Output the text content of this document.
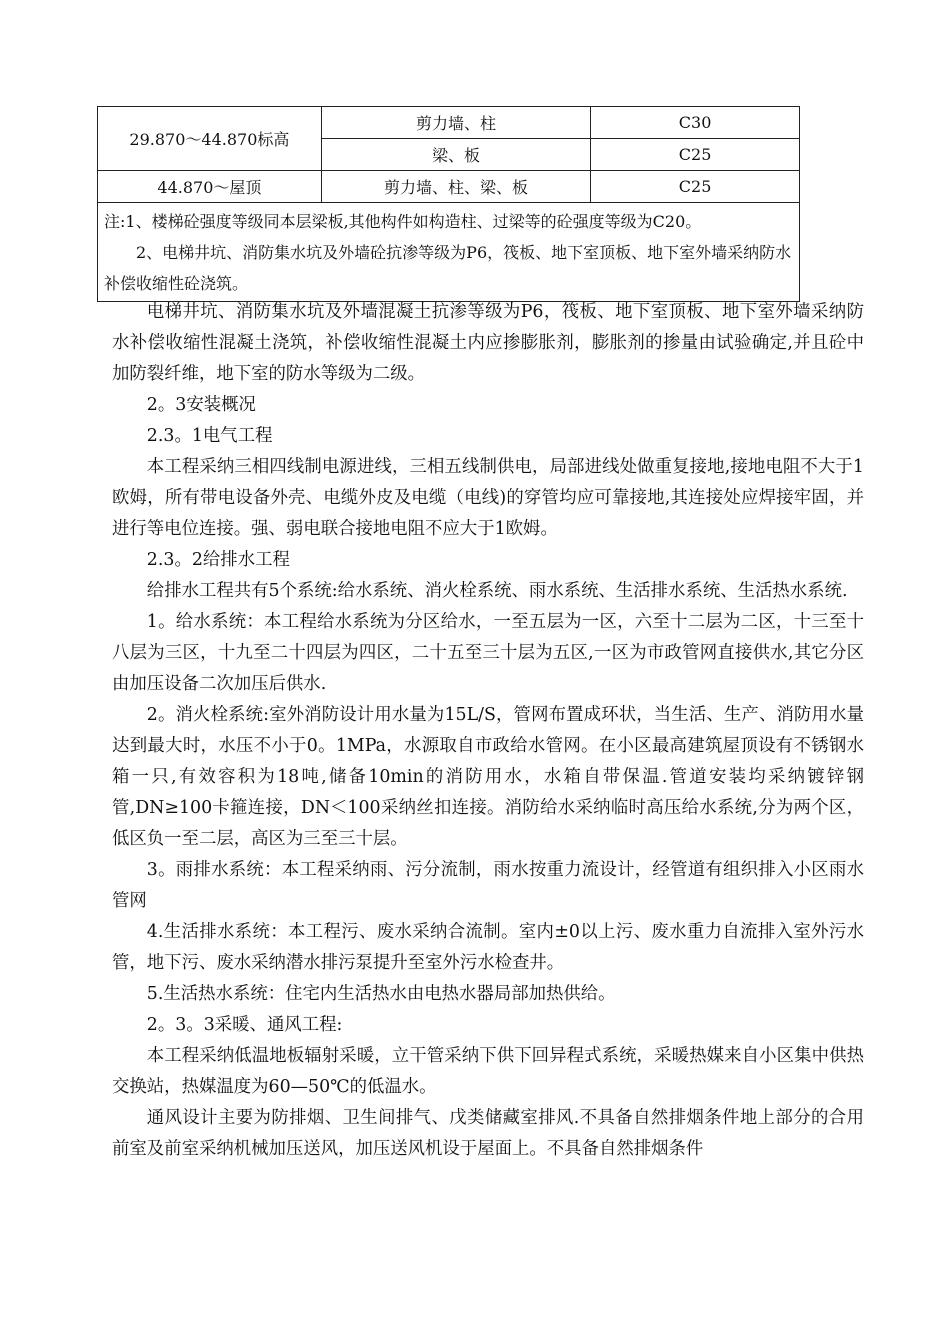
29.870～44.870标高	剪力墙、柱	C30
	梁、板	C25
44.870～屋顶	剪力墙、柱、梁、板	C25

注:1、楼梯砼强度等级同本层梁板,其他构件如构造柱、过梁等的砼强度等级为C20。
2、电梯井坑、消防集水坑及外墙砼抗渗等级为P6，筏板、地下室顶板、地下室外墙采纳防水补偿收缩性砼浇筑。		

电梯井坑、消防集水坑及外墙混凝土抗渗等级为P6，筏板、地下室顶板、地下室外墙采纳防水补偿收缩性混凝土浇筑，补偿收缩性混凝土内应掺膨胀剂，膨胀剂的掺量由试验确定,并且砼中加防裂纤维，地下室的防水等级为二级。

2。3安装概况

2.3。1电气工程

本工程采纳三相四线制电源进线，三相五线制供电，局部进线处做重复接地,接地电阻不大于1欧姆，所有带电设备外壳、电缆外皮及电缆（电线)的穿管均应可靠接地,其连接处应焊接牢固，并进行等电位连接。强、弱电联合接地电阻不应大于1欧姆。

2.3。2给排水工程

给排水工程共有5个系统:给水系统、消火栓系统、雨水系统、生活排水系统、生活热水系统.

1。给水系统：本工程给水系统为分区给水，一至五层为一区，六至十二层为二区，十三至十八层为三区，十九至二十四层为四区，二十五至三十层为五区,一区为市政管网直接供水,其它分区由加压设备二次加压后供水.

2。消火栓系统:室外消防设计用水量为15L/S，管网布置成环状，当生活、生产、消防用水量达到最大时，水压不小于0。1MPa，水源取自市政给水管网。在小区最高建筑屋顶设有不锈钢水箱一只,有效容积为18吨,储备10min的消防用水，水箱自带保温.管道安装均采纳镀锌钢管,DN≥100卡箍连接，DN＜100采纳丝扣连接。消防给水采纳临时高压给水系统,分为两个区，低区负一至二层，高区为三至三十层。

3。雨排水系统：本工程采纳雨、污分流制，雨水按重力流设计，经管道有组织排入小区雨水管网

4.生活排水系统：本工程污、废水采纳合流制。室内±0以上污、废水重力自流排入室外污水管，地下污、废水采纳潜水排污泵提升至室外污水检查井。

5.生活热水系统：住宅内生活热水由电热水器局部加热供给。

2。3。3采暖、通风工程:

本工程采纳低温地板辐射采暖，立干管采纳下供下回异程式系统，采暖热媒来自小区集中供热交换站，热媒温度为60—50℃的低温水。

通风设计主要为防排烟、卫生间排气、戊类储藏室排风.不具备自然排烟条件地上部分的合用前室及前室采纳机械加压送风，加压送风机设于屋面上。不具备自然排烟条件
